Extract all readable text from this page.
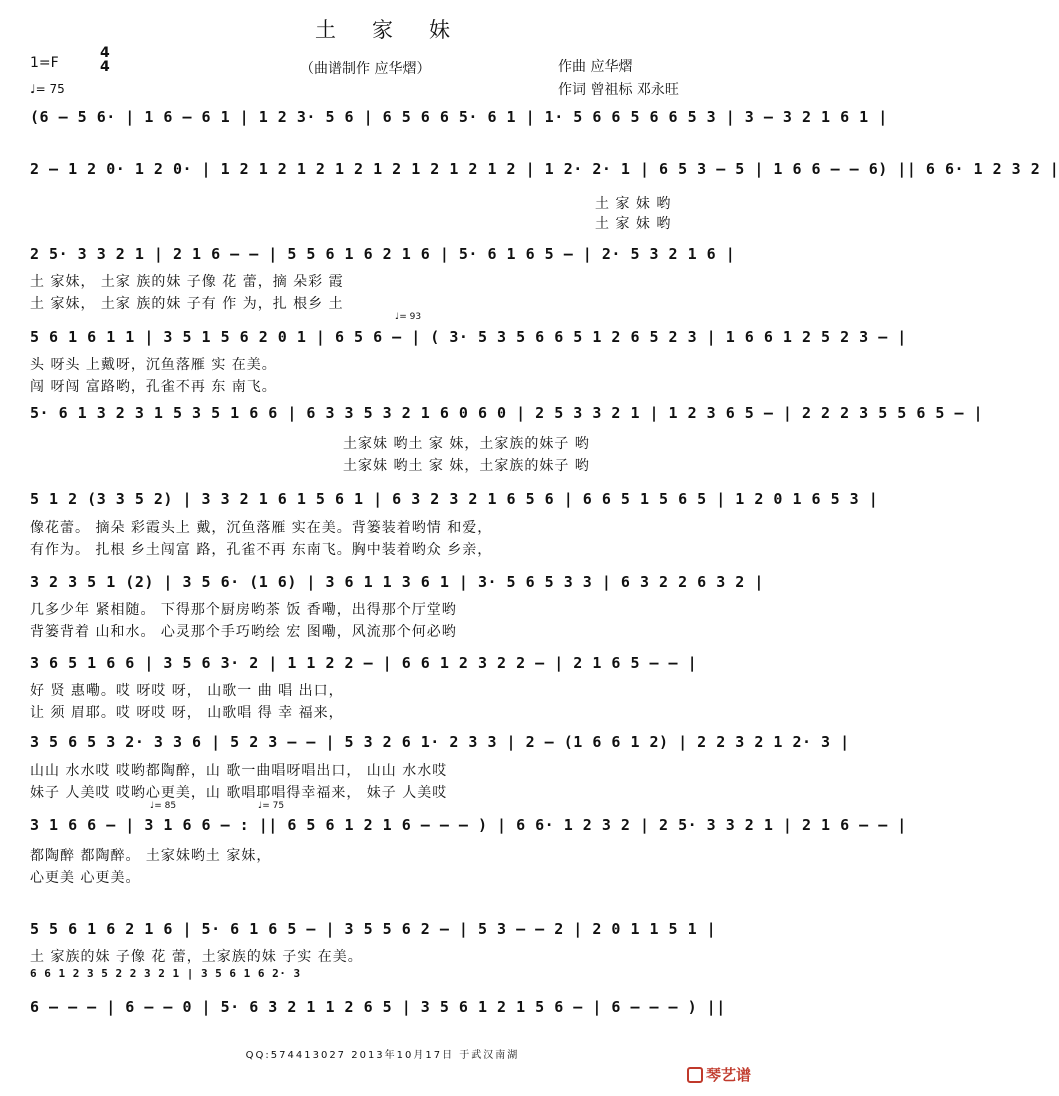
土家妹
1=F
4
4
♩= 75
（曲谱制作 应华熠）	作曲 应华熠
作词 曾祖标 邓永旺
(6 – 5 6· | 1 6 – 6 1 | 1 2 3· 5 6 | 6 5 6 6 5· 6 1 | 1· 5 6 6 5 6 6 5 3 | 3 – 3 2 1 6 1 |
2 – 1 2 0· 1 2 0· | 1 2 1 2 1 2 1 2 1 2 1 2 1 2 1 2 | 1 2· 2· 1 | 6 5 3 – 5 | 1 6 6 – – 6) || 6 6· 1 2 3 2 |
2 5· 3 3 2 1 | 2 1 6 – – | 5 5 6 1 6 2 1 6 | 5· 6 1 6 5 – | 2· 5 3 2 1 6 |
5 6 1 6 1 1 | 3 5 1 5 6 2 0 1 | 6 5 6 — | ( 3· 5 3 5 6 6 5 1 2 6 5 2 3 | 1 6 6 1 2 5 2 3 – |
5· 6 1 3 2 3 1 5 3 5 1 6 6 | 6 3 3 5 3 2 1 6 0 6 0 | 2 5 3 3 2 1 | 1 2 3 6 5 – | 2 2 2 3 5 5 6 5 – |
5 1 2 (3 3 5 2) | 3 3 2 1 6 1 5 6 1 | 6 3 2 3 2 1 6 5 6 | 6 6 5 1 5 6 5 | 1 2 0 1 6 5 3 |
3 2 3 5 1 (2) | 3 5 6· (1 6) | 3 6 1 1 3 6 1 | 3· 5 6 5 3 3 | 6 3 2 2 6 3 2 |
3 6 5 1 6 6 | 3 5 6 3· 2 | 1 1 2 2 – | 6 6 1 2 3 2 2 – | 2 1 6 5 – – |
3 5 6 5 3 2· 3 3 6 | 5 2 3 – – | 5 3 2 6 1· 2 3 3 | 2 – (1 6 6 1 2) | 2 2 3 2 1 2· 3 |
3 1 6 6 – | 3 1 6 6 – : || 6 5 6 1 2 1 6 – – – ) | 6 6· 1 2 3 2 | 2 5· 3 3 2 1 | 2 1 6 – – |
5 5 6 1 6 2 1 6 | 5· 6 1 6 5 – | 3 5 5 6 2 – | 5 3 – – 2 | 2 0 1 1 5 1 |
6 6 1 2 3 5 2 2 3 2 1 | 3 5 6 1 6 2· 3
6 – – – | 6 – – 0 | 5· 6 3 2 1 1 2 6 5 | 3 5 6 1 2 1 5 6 – | 6 – – – ) ||
♩= 93
♩= 85	♩= 75
土 家 妹 哟
土 家 妹 哟
土 家妹， 土家 族的妹 子像 花 蕾，摘 朵彩 霞
土 家妹， 土家 族的妹 子有 作 为，扎 根乡 土
头 呀头 上戴呀，沉鱼落雁 实 在美。
闯 呀闯 富路哟，孔雀不再 东 南飞。
土家妹 哟土 家 妹，土家族的妹子 哟
土家妹 哟土 家 妹，土家族的妹子 哟
像花蕾。 摘朵 彩霞头上 戴，沉鱼落雁 实在美。背篓装着哟情 和爱，
有作为。 扎根 乡土闯富 路，孔雀不再 东南飞。胸中装着哟众 乡亲，
几多少年 紧相随。 下得那个厨房哟茶 饭 香嘞，出得那个厅堂哟
背篓背着 山和水。 心灵那个手巧哟绘 宏 图嘞，风流那个何必哟
好 贤 惠嘞。哎 呀哎 呀， 山歌一 曲 唱 出口，
让 须 眉耶。哎 呀哎 呀， 山歌唱 得 幸 福来，
山山 水水哎 哎哟都陶醉，山 歌一曲唱呀唱出口， 山山 水水哎
妹子 人美哎 哎哟心更美，山 歌唱耶唱得幸福来， 妹子 人美哎
都陶醉 都陶醉。 土家妹哟土 家妹，
心更美 心更美。
土 家族的妹 子像 花 蕾，土家族的妹 子实 在美。
QQ:574413027 2013年10月17日 于武汉南湖
琴艺谱
